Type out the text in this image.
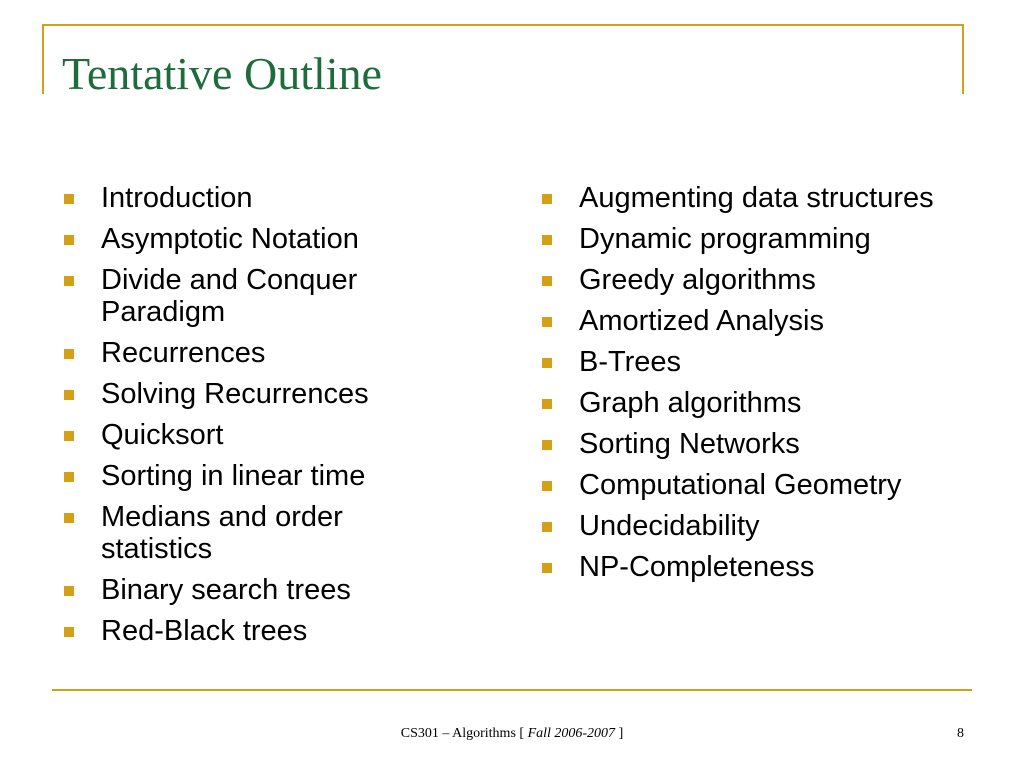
Tentative Outline
Introduction
Asymptotic Notation
Divide and Conquer Paradigm
Recurrences
Solving Recurrences
Quicksort
Sorting in linear time
Medians and order statistics
Binary search trees
Red-Black trees
Augmenting data structures
Dynamic programming
Greedy algorithms
Amortized Analysis
B-Trees
Graph algorithms
Sorting Networks
Computational Geometry
Undecidability
NP-Completeness
CS301 – Algorithms [ Fall 2006-2007 ]	8
